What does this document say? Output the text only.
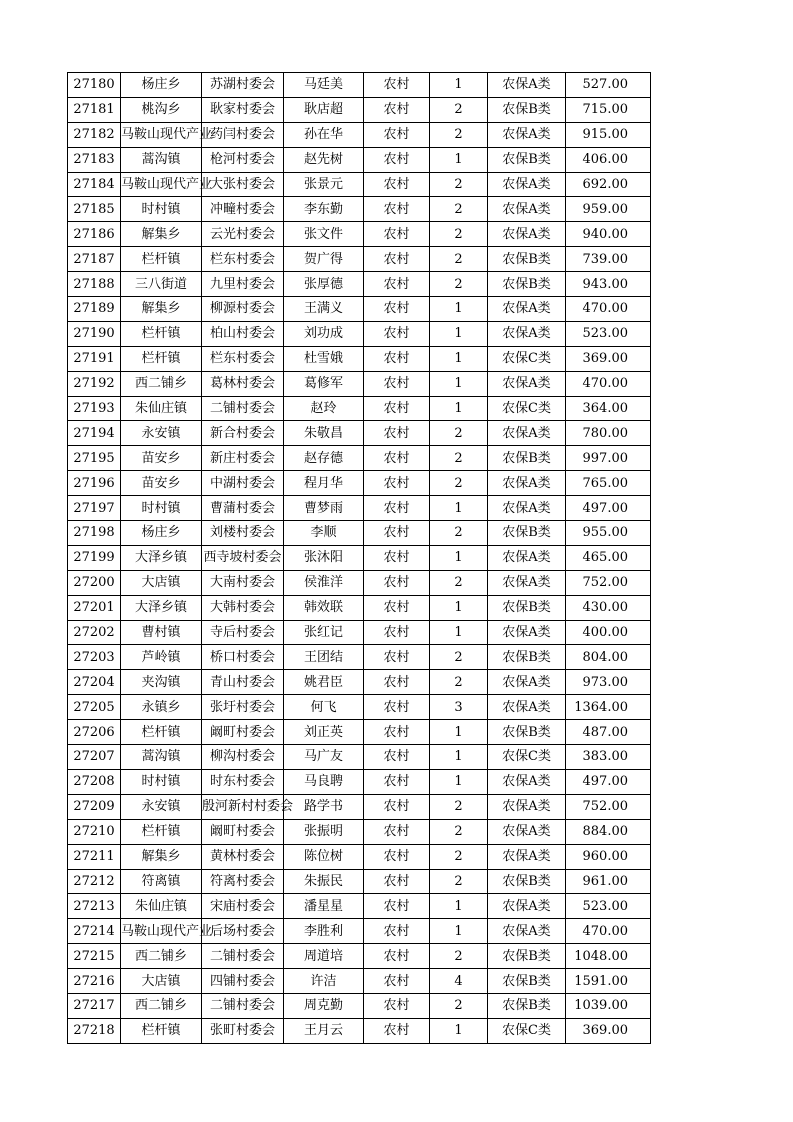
27180	杨庄乡	苏湖村委会	马廷美	农村	1	农保A类	527.00
27181	桃沟乡	耿家村委会	耿店超	农村	2	农保B类	715.00
27182	马鞍山现代产业	药闫村委会	孙在华	农村	2	农保A类	915.00
27183	蒿沟镇	枪河村委会	赵先树	农村	1	农保B类	406.00
27184	马鞍山现代产业	大张村委会	张景元	农村	2	农保A类	692.00
27185	时村镇	冲疃村委会	李东勤	农村	2	农保A类	959.00
27186	解集乡	云光村委会	张文件	农村	2	农保A类	940.00
27187	栏杆镇	栏东村委会	贺广得	农村	2	农保B类	739.00
27188	三八街道	九里村委会	张厚德	农村	2	农保B类	943.00
27189	解集乡	柳源村委会	王满义	农村	1	农保A类	470.00
27190	栏杆镇	柏山村委会	刘功成	农村	1	农保A类	523.00
27191	栏杆镇	栏东村委会	杜雪娥	农村	1	农保C类	369.00
27192	西二铺乡	葛林村委会	葛修军	农村	1	农保A类	470.00
27193	朱仙庄镇	二铺村委会	赵玲	农村	1	农保C类	364.00
27194	永安镇	新合村委会	朱敬昌	农村	2	农保A类	780.00
27195	苗安乡	新庄村委会	赵存德	农村	2	农保B类	997.00
27196	苗安乡	中湖村委会	程月华	农村	2	农保A类	765.00
27197	时村镇	曹蒲村委会	曹梦雨	农村	1	农保A类	497.00
27198	杨庄乡	刘楼村委会	李顺	农村	2	农保B类	955.00
27199	大泽乡镇	西寺坡村委会	张沐阳	农村	1	农保A类	465.00
27200	大店镇	大南村委会	侯淮洋	农村	2	农保A类	752.00
27201	大泽乡镇	大韩村委会	韩效联	农村	1	农保B类	430.00
27202	曹村镇	寺后村委会	张红记	农村	1	农保A类	400.00
27203	芦岭镇	桥口村委会	王团结	农村	2	农保B类	804.00
27204	夹沟镇	青山村委会	姚君臣	农村	2	农保A类	973.00
27205	永镇乡	张圩村委会	何飞	农村	3	农保A类	1364.00
27206	栏杆镇	阚町村委会	刘正英	农村	1	农保B类	487.00
27207	蒿沟镇	柳沟村委会	马广友	农村	1	农保C类	383.00
27208	时村镇	时东村委会	马良聘	农村	1	农保A类	497.00
27209	永安镇	殷河新村村委会	路学书	农村	2	农保A类	752.00
27210	栏杆镇	阚町村委会	张振明	农村	2	农保A类	884.00
27211	解集乡	黄林村委会	陈位树	农村	2	农保A类	960.00
27212	符离镇	符离村委会	朱振民	农村	2	农保B类	961.00
27213	朱仙庄镇	宋庙村委会	潘星星	农村	1	农保A类	523.00
27214	马鞍山现代产业	后场村委会	李胜利	农村	1	农保A类	470.00
27215	西二铺乡	二铺村委会	周道培	农村	2	农保B类	1048.00
27216	大店镇	四铺村委会	许洁	农村	4	农保B类	1591.00
27217	西二铺乡	二铺村委会	周克勤	农村	2	农保B类	1039.00
27218	栏杆镇	张町村委会	王月云	农村	1	农保C类	369.00
